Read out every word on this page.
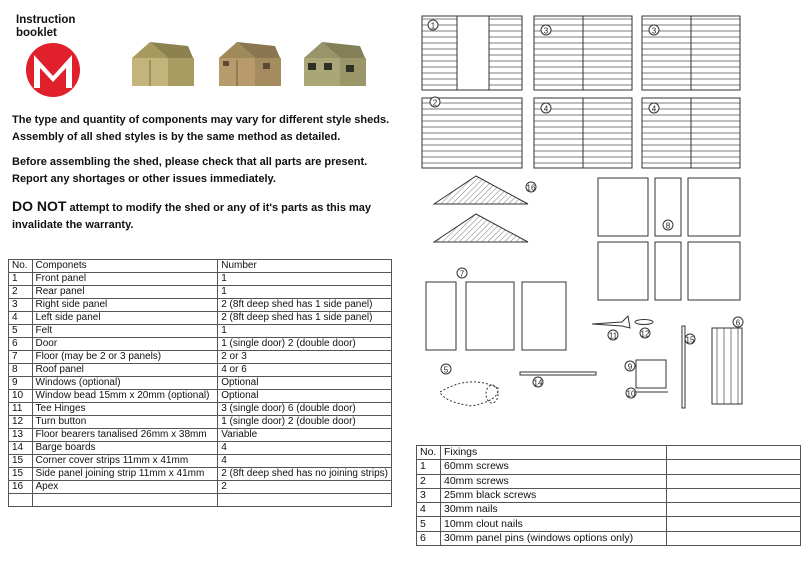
Instruction
booklet
The type and quantity of components may vary for different style sheds. Assembly of all shed styles is by the same method as detailed.
Before assembling the shed, please check that all parts are present. Report any shortages or other issues immediately.
DO NOT attempt to modify the shed or any of it's parts as this may invalidate the warranty.
No.	Componets	Number
1	Front panel	1
2	Rear panel	1
3	Right side panel	2 (8ft deep shed has 1 side panel)
4	Left side panel	2 (8ft deep shed has 1 side panel)
5	Felt	1
6	Door	1 (single door) 2 (double door)
7	Floor (may be 2 or 3 panels)	2 or 3
8	Roof panel	4 or 6
9	Windows (optional)	Optional
10	Window bead 15mm x 20mm (optional)	Optional
11	Tee Hinges	3 (single door) 6 (double door)
12	Turn button	1 (single door) 2 (double door)
13	Floor bearers tanalised 26mm x 38mm	Variable
14	Barge boards	4
15	Corner cover strips 11mm x 41mm	4
15	Side panel joining strip 11mm x 41mm	2 (8ft deep shed has no joining strips)
16	Apex	2

No.	Fixings	
1	60mm screws	
2	40mm screws	
3	25mm black screws	
4	30mm nails	
5	10mm clout nails	
6	30mm panel pins (windows options only)	
1
3	3
2
4	4
16
8
7
11	12
15
6
9
10
14
5
